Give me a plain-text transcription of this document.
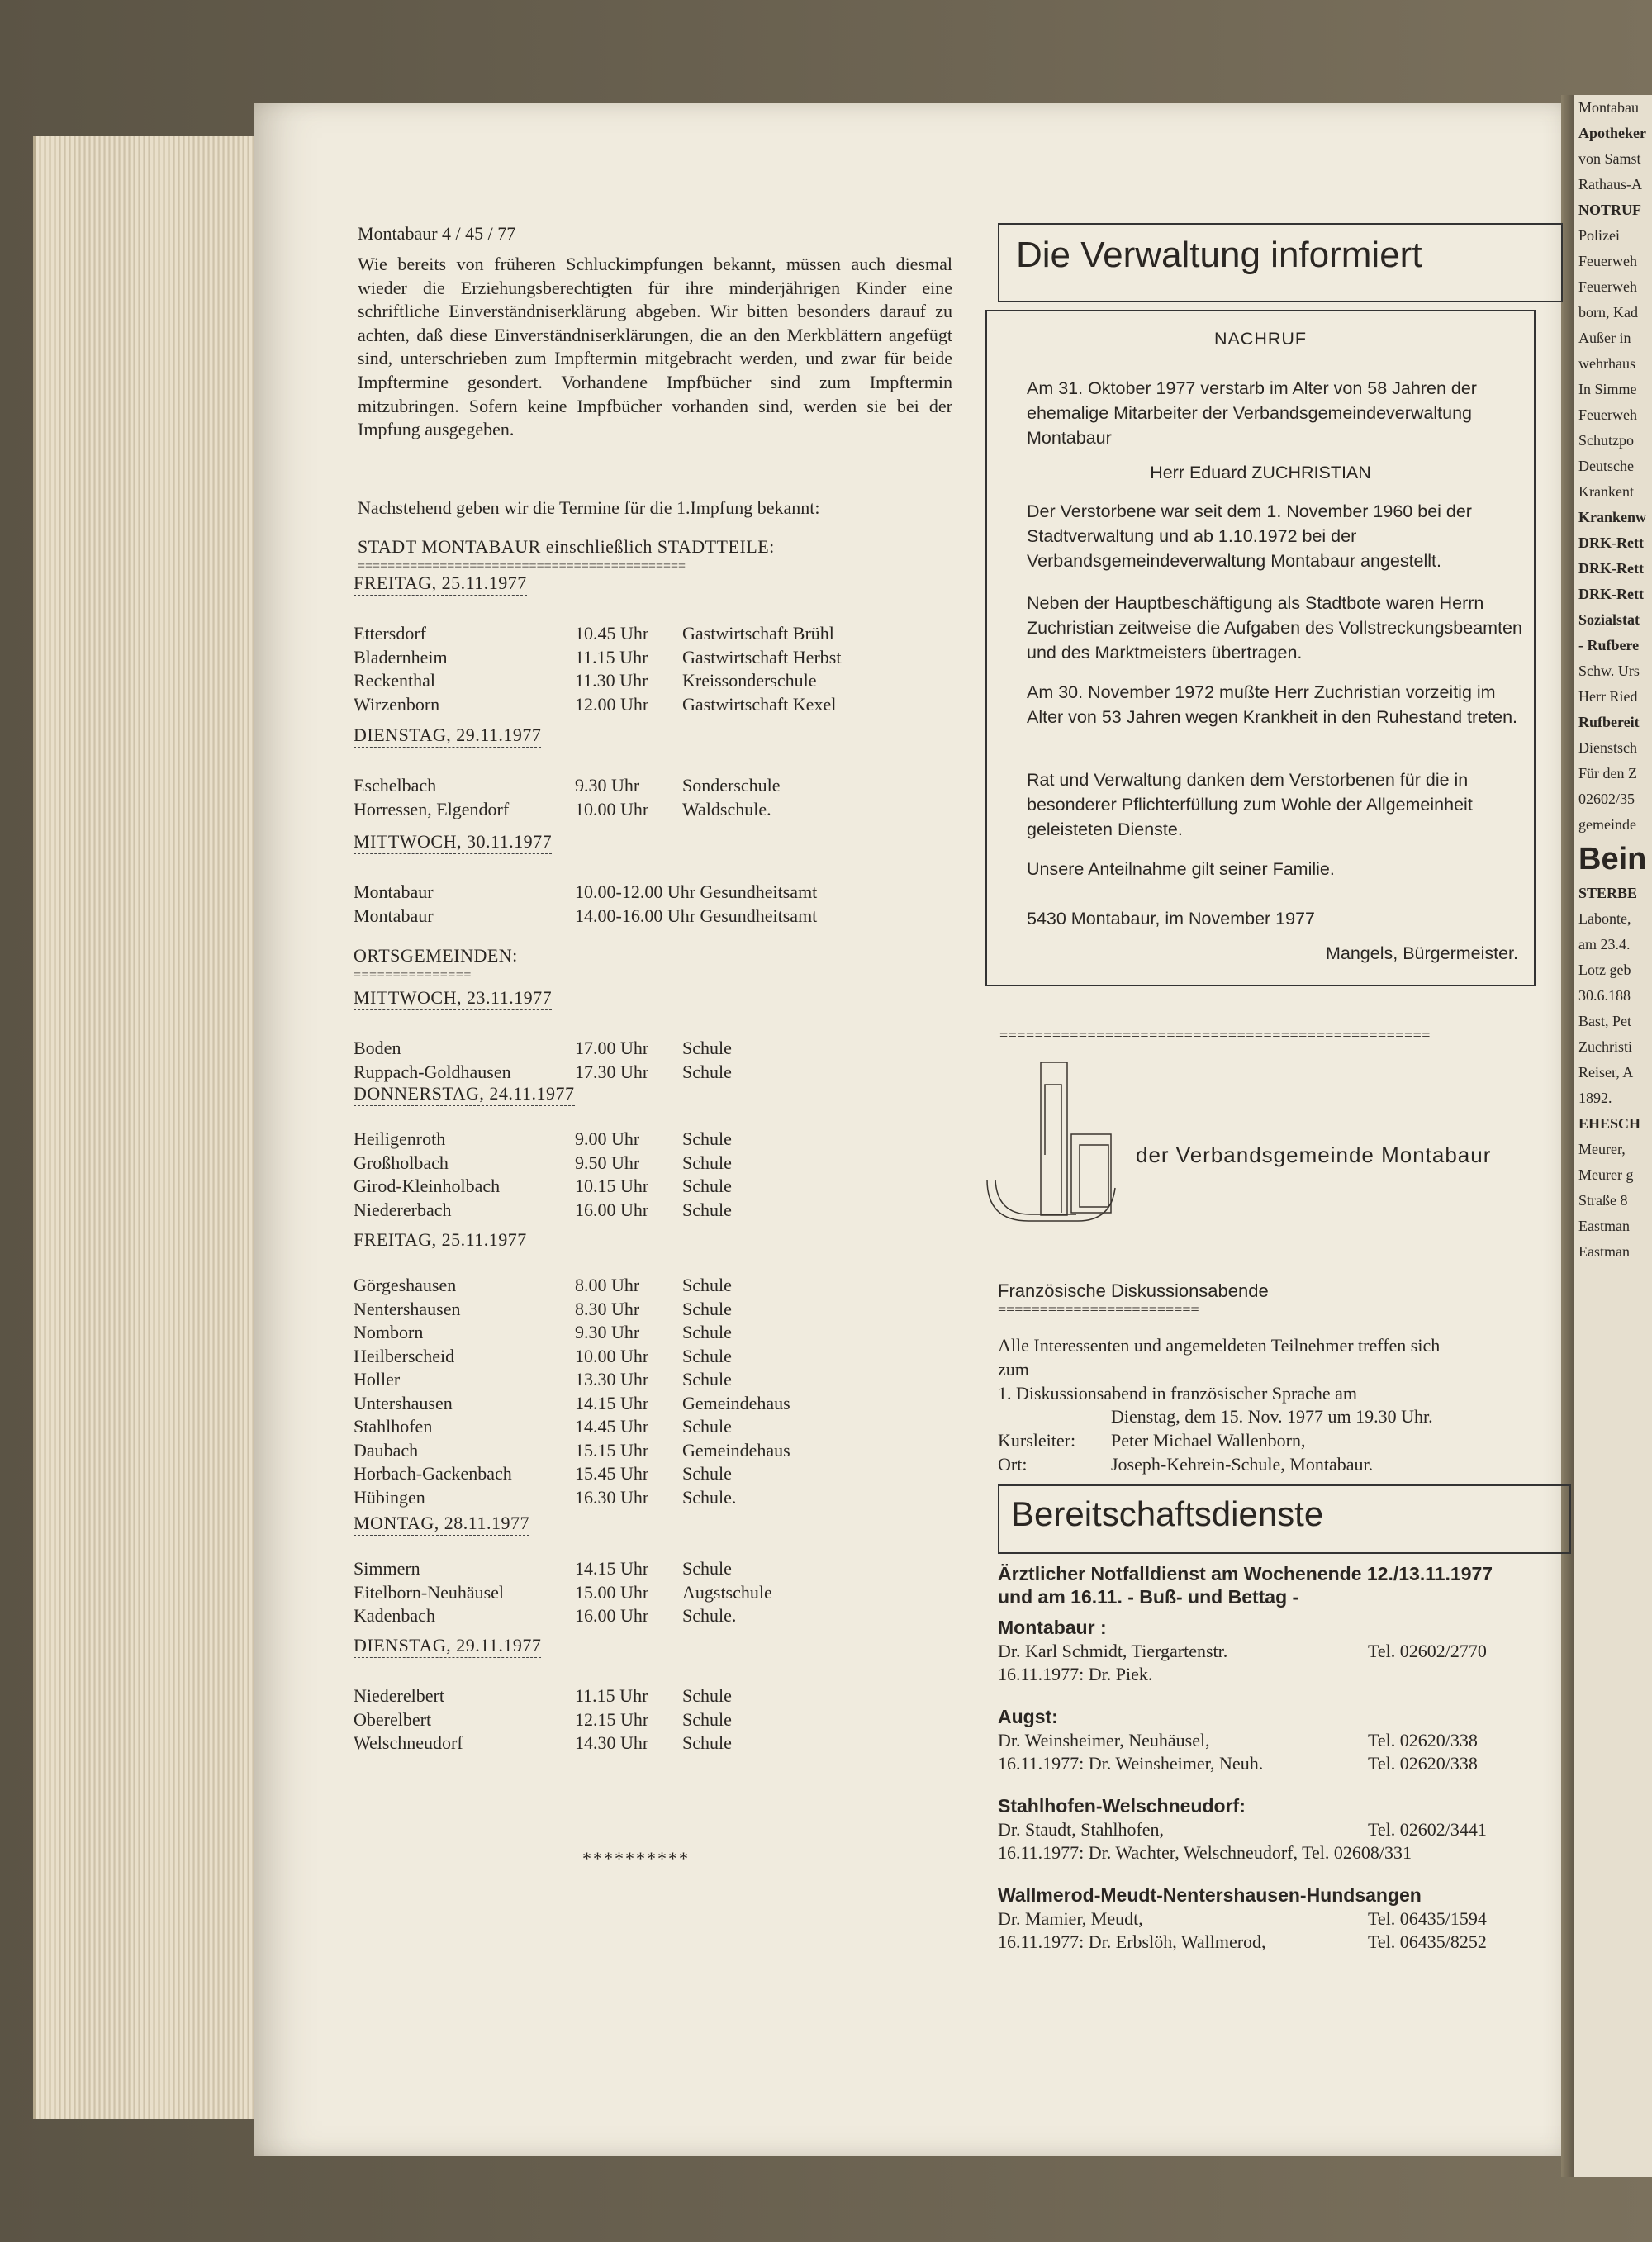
Montabau
Apotheker
von Samst
Rathaus-A
NOTRUF
Polizei
Feuerweh
Feuerweh
born, Kad
Außer in
wehrhaus
In Simme
Feuerweh
Schutzpo
Deutsche
Krankent
Krankenw
DRK-Rett
DRK-Rett
DRK-Rett
Sozialstat
- Rufbere
Schw. Urs
Herr Ried
Rufbereit
Dienstsch
Für den Z
02602/35
gemeinde
Bein
STERBE
Labonte,
am 23.4.
Lotz geb
30.6.188
Bast, Pet
Zuchristi
Reiser, A
1892.
EHESCH
Meurer,
Meurer g
Straße 8
Eastman
Eastman
Montabaur 4 / 45 / 77
Wie bereits von früheren Schluckimpfungen bekannt, müssen auch diesmal wieder die Erziehungsberechtigten für ihre minderjährigen Kinder eine schriftliche Einverständniserklärung abgeben. Wir bitten besonders darauf zu achten, daß diese Einverständniserklärungen, die an den Merkblättern angefügt sind, unterschrieben zum Impftermin mitgebracht werden, und zwar für beide Impftermine gesondert. Vorhandene Impfbücher sind zum Impftermin mitzubringen. Sofern keine Impfbücher vorhanden sind, werden sie bei der Impfung ausgegeben.
Nachstehend geben wir die Termine für die 1.Impfung bekannt:
STADT MONTABAUR einschließlich STADTTEILE:
============================================
FREITAG, 25.11.1977
Ettersdorf	10.45 Uhr	Gastwirtschaft Brühl
Bladernheim	11.15 Uhr	Gastwirtschaft Herbst
Reckenthal	11.30 Uhr	Kreissonderschule
Wirzenborn	12.00 Uhr	Gastwirtschaft Kexel
DIENSTAG, 29.11.1977
Eschelbach	9.30 Uhr	Sonderschule
Horressen, Elgendorf	10.00 Uhr	Waldschule.
MITTWOCH, 30.11.1977
Montabaur	10.00-12.00 Uhr Gesundheitsamt
Montabaur	14.00-16.00 Uhr Gesundheitsamt
MITTWOCH, 23.11.1977
Boden	17.00 Uhr	Schule
Ruppach-Goldhausen	17.30 Uhr	Schule
DONNERSTAG, 24.11.1977
Heiligenroth	9.00 Uhr	Schule
Großholbach	9.50 Uhr	Schule
Girod-Kleinholbach	10.15 Uhr	Schule
Niedererbach	16.00 Uhr	Schule
FREITAG, 25.11.1977
Görgeshausen	8.00 Uhr	Schule
Nentershausen	8.30 Uhr	Schule
Nomborn	9.30 Uhr	Schule
Heilberscheid	10.00 Uhr	Schule
Holler	13.30 Uhr	Schule
Untershausen	14.15 Uhr	Gemeindehaus
Stahlhofen	14.45 Uhr	Schule
Daubach	15.15 Uhr	Gemeindehaus
Horbach-Gackenbach	15.45 Uhr	Schule
Hübingen	16.30 Uhr	Schule.
MONTAG, 28.11.1977
Simmern	14.15 Uhr	Schule
Eitelborn-Neuhäusel	15.00 Uhr	Augstschule
Kadenbach	16.00 Uhr	Schule.
DIENSTAG, 29.11.1977
Niederelbert	11.15 Uhr	Schule
Oberelbert	12.15 Uhr	Schule
Welschneudorf	14.30 Uhr	Schule
ORTSGEMEINDEN:
===============
**********
Die Verwaltung informiert
NACHRUF
Am 31. Oktober 1977 verstarb im Alter von 58 Jahren der ehemalige Mitarbeiter der Verbandsgemeindeverwaltung Montabaur
Herr Eduard ZUCHRISTIAN
Der Verstorbene war seit dem 1. November 1960 bei der Stadtverwaltung und ab 1.10.1972 bei der Verbandsgemeindeverwaltung Montabaur angestellt.
Neben der Hauptbeschäftigung als Stadtbote waren Herrn Zuchristian zeitweise die Aufgaben des Vollstreckungsbeamten und des Marktmeisters übertragen.
Am 30. November 1972 mußte Herr Zuchristian vorzeitig im Alter von 53 Jahren wegen Krankheit in den Ruhestand treten.
Rat und Verwaltung danken dem Verstorbenen für die in besonderer Pflichterfüllung zum Wohle der Allgemeinheit geleisteten Dienste.
Unsere Anteilnahme gilt seiner Familie.
5430 Montabaur, im November 1977
Mangels, Bürgermeister.
=================================================
der Verbandsgemeinde Montabaur
Französische Diskussionsabende
========================
Alle Interessenten und angemeldeten Teilnehmer treffen sich
zum
1. Diskussionsabend in französischer Sprache am
Dienstag, dem 15. Nov. 1977 um 19.30 Uhr.
Kursleiter: Peter Michael Wallenborn,
Ort:	Joseph-Kehrein-Schule, Montabaur.
Bereitschaftsdienste
Ärztlicher Notfalldienst am Wochenende 12./13.11.1977
und am 16.11. - Buß- und Bettag -
Montabaur :
Dr. Karl Schmidt, Tiergartenstr.	Tel. 02602/2770
16.11.1977: Dr. Piek.
Augst:
Dr. Weinsheimer, Neuhäusel,	Tel. 02620/338
16.11.1977: Dr. Weinsheimer, Neuh.	Tel. 02620/338
Stahlhofen-Welschneudorf:
Dr. Staudt, Stahlhofen,	Tel. 02602/3441
16.11.1977: Dr. Wachter, Welschneudorf, Tel. 02608/331
Wallmerod-Meudt-Nentershausen-Hundsangen
Dr. Mamier, Meudt,	Tel. 06435/1594
16.11.1977: Dr. Erbslöh, Wallmerod,	Tel. 06435/8252
